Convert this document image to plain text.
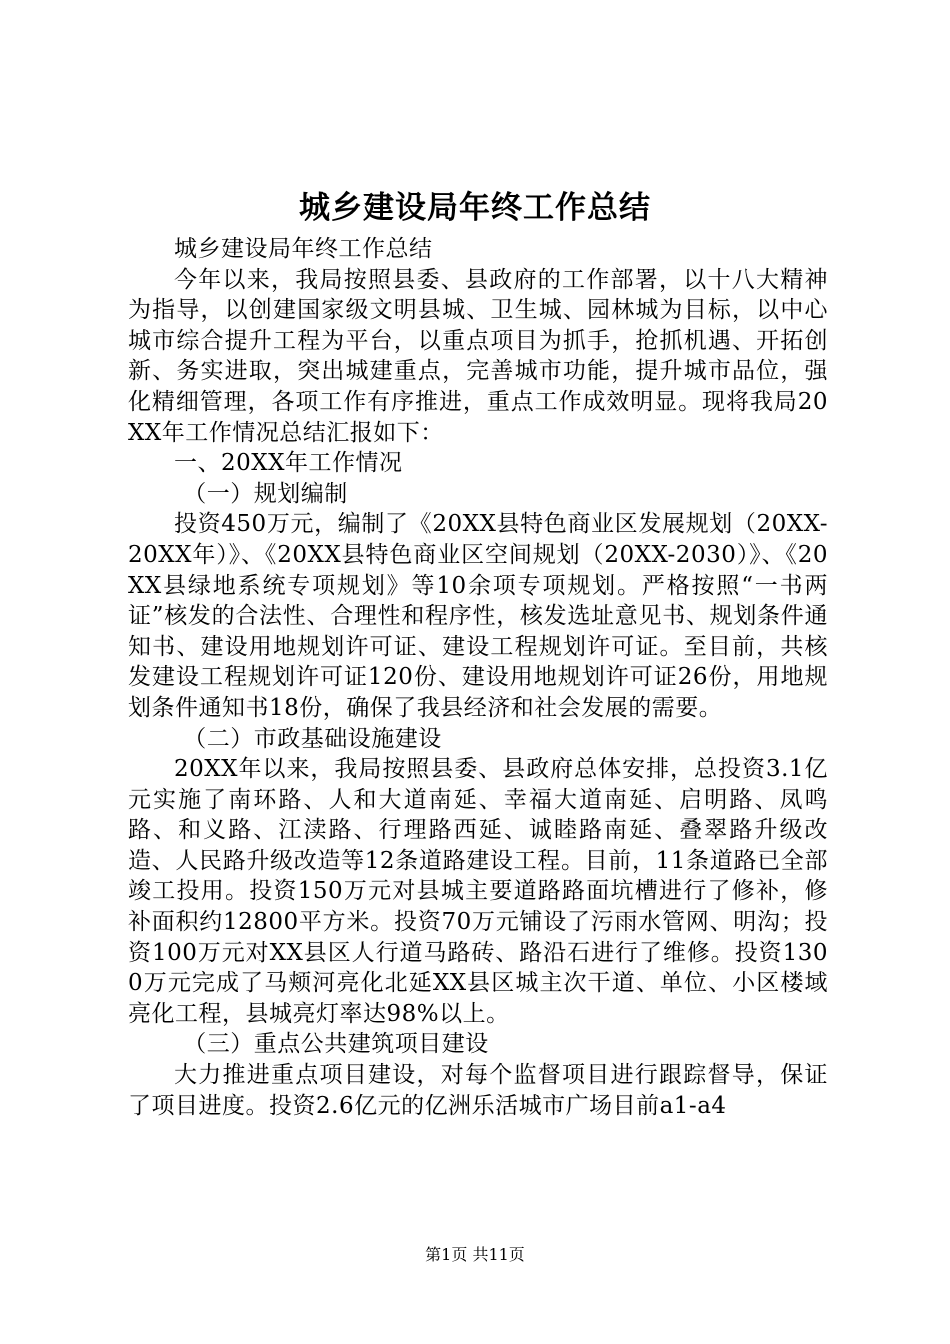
城乡建设局年终工作总结

城乡建设局年终工作总结

今年以来，我局按照县委、县政府的工作部署，以十八大精神为指导，以创建国家级文明县城、卫生城、园林城为目标，以中心城市综合提升工程为平台，以重点项目为抓手，抢抓机遇、开拓创新、务实进取，突出城建重点，完善城市功能，提升城市品位，强化精细管理，各项工作有序推进，重点工作成效明显。现将我局20XX年工作情况总结汇报如下：

一、20XX年工作情况

（一）规划编制

投资450万元，编制了《20XX县特色商业区发展规划（20XX-20XX年）》、《20XX县特色商业区空间规划（20XX-2030）》、《20XX县绿地系统专项规划》等10余项专项规划。严格按照“一书两证”核发的合法性、合理性和程序性，核发选址意见书、规划条件通知书、建设用地规划许可证、建设工程规划许可证。至目前，共核发建设工程规划许可证120份、建设用地规划许可证26份，用地规划条件通知书18份，确保了我县经济和社会发展的需要。

（二）市政基础设施建设

20XX年以来，我局按照县委、县政府总体安排，总投资3.1亿元实施了南环路、人和大道南延、幸福大道南延、启明路、凤鸣路、和义路、江渎路、行理路西延、诚睦路南延、叠翠路升级改造、人民路升级改造等12条道路建设工程。目前，11条道路已全部竣工投用。投资150万元对县城主要道路路面坑槽进行了修补，修补面积约12800平方米。投资70万元铺设了污雨水管网、明沟；投资100万元对XX县区人行道马路砖、路沿石进行了维修。投资1300万元完成了马颊河亮化北延XX县区城主次干道、单位、小区楼域亮化工程，县城亮灯率达98%以上。

（三）重点公共建筑项目建设

大力推进重点项目建设，对每个监督项目进行跟踪督导，保证了项目进度。投资2.6亿元的亿洲乐活城市广场目前a1-a4

第1页 共11页
